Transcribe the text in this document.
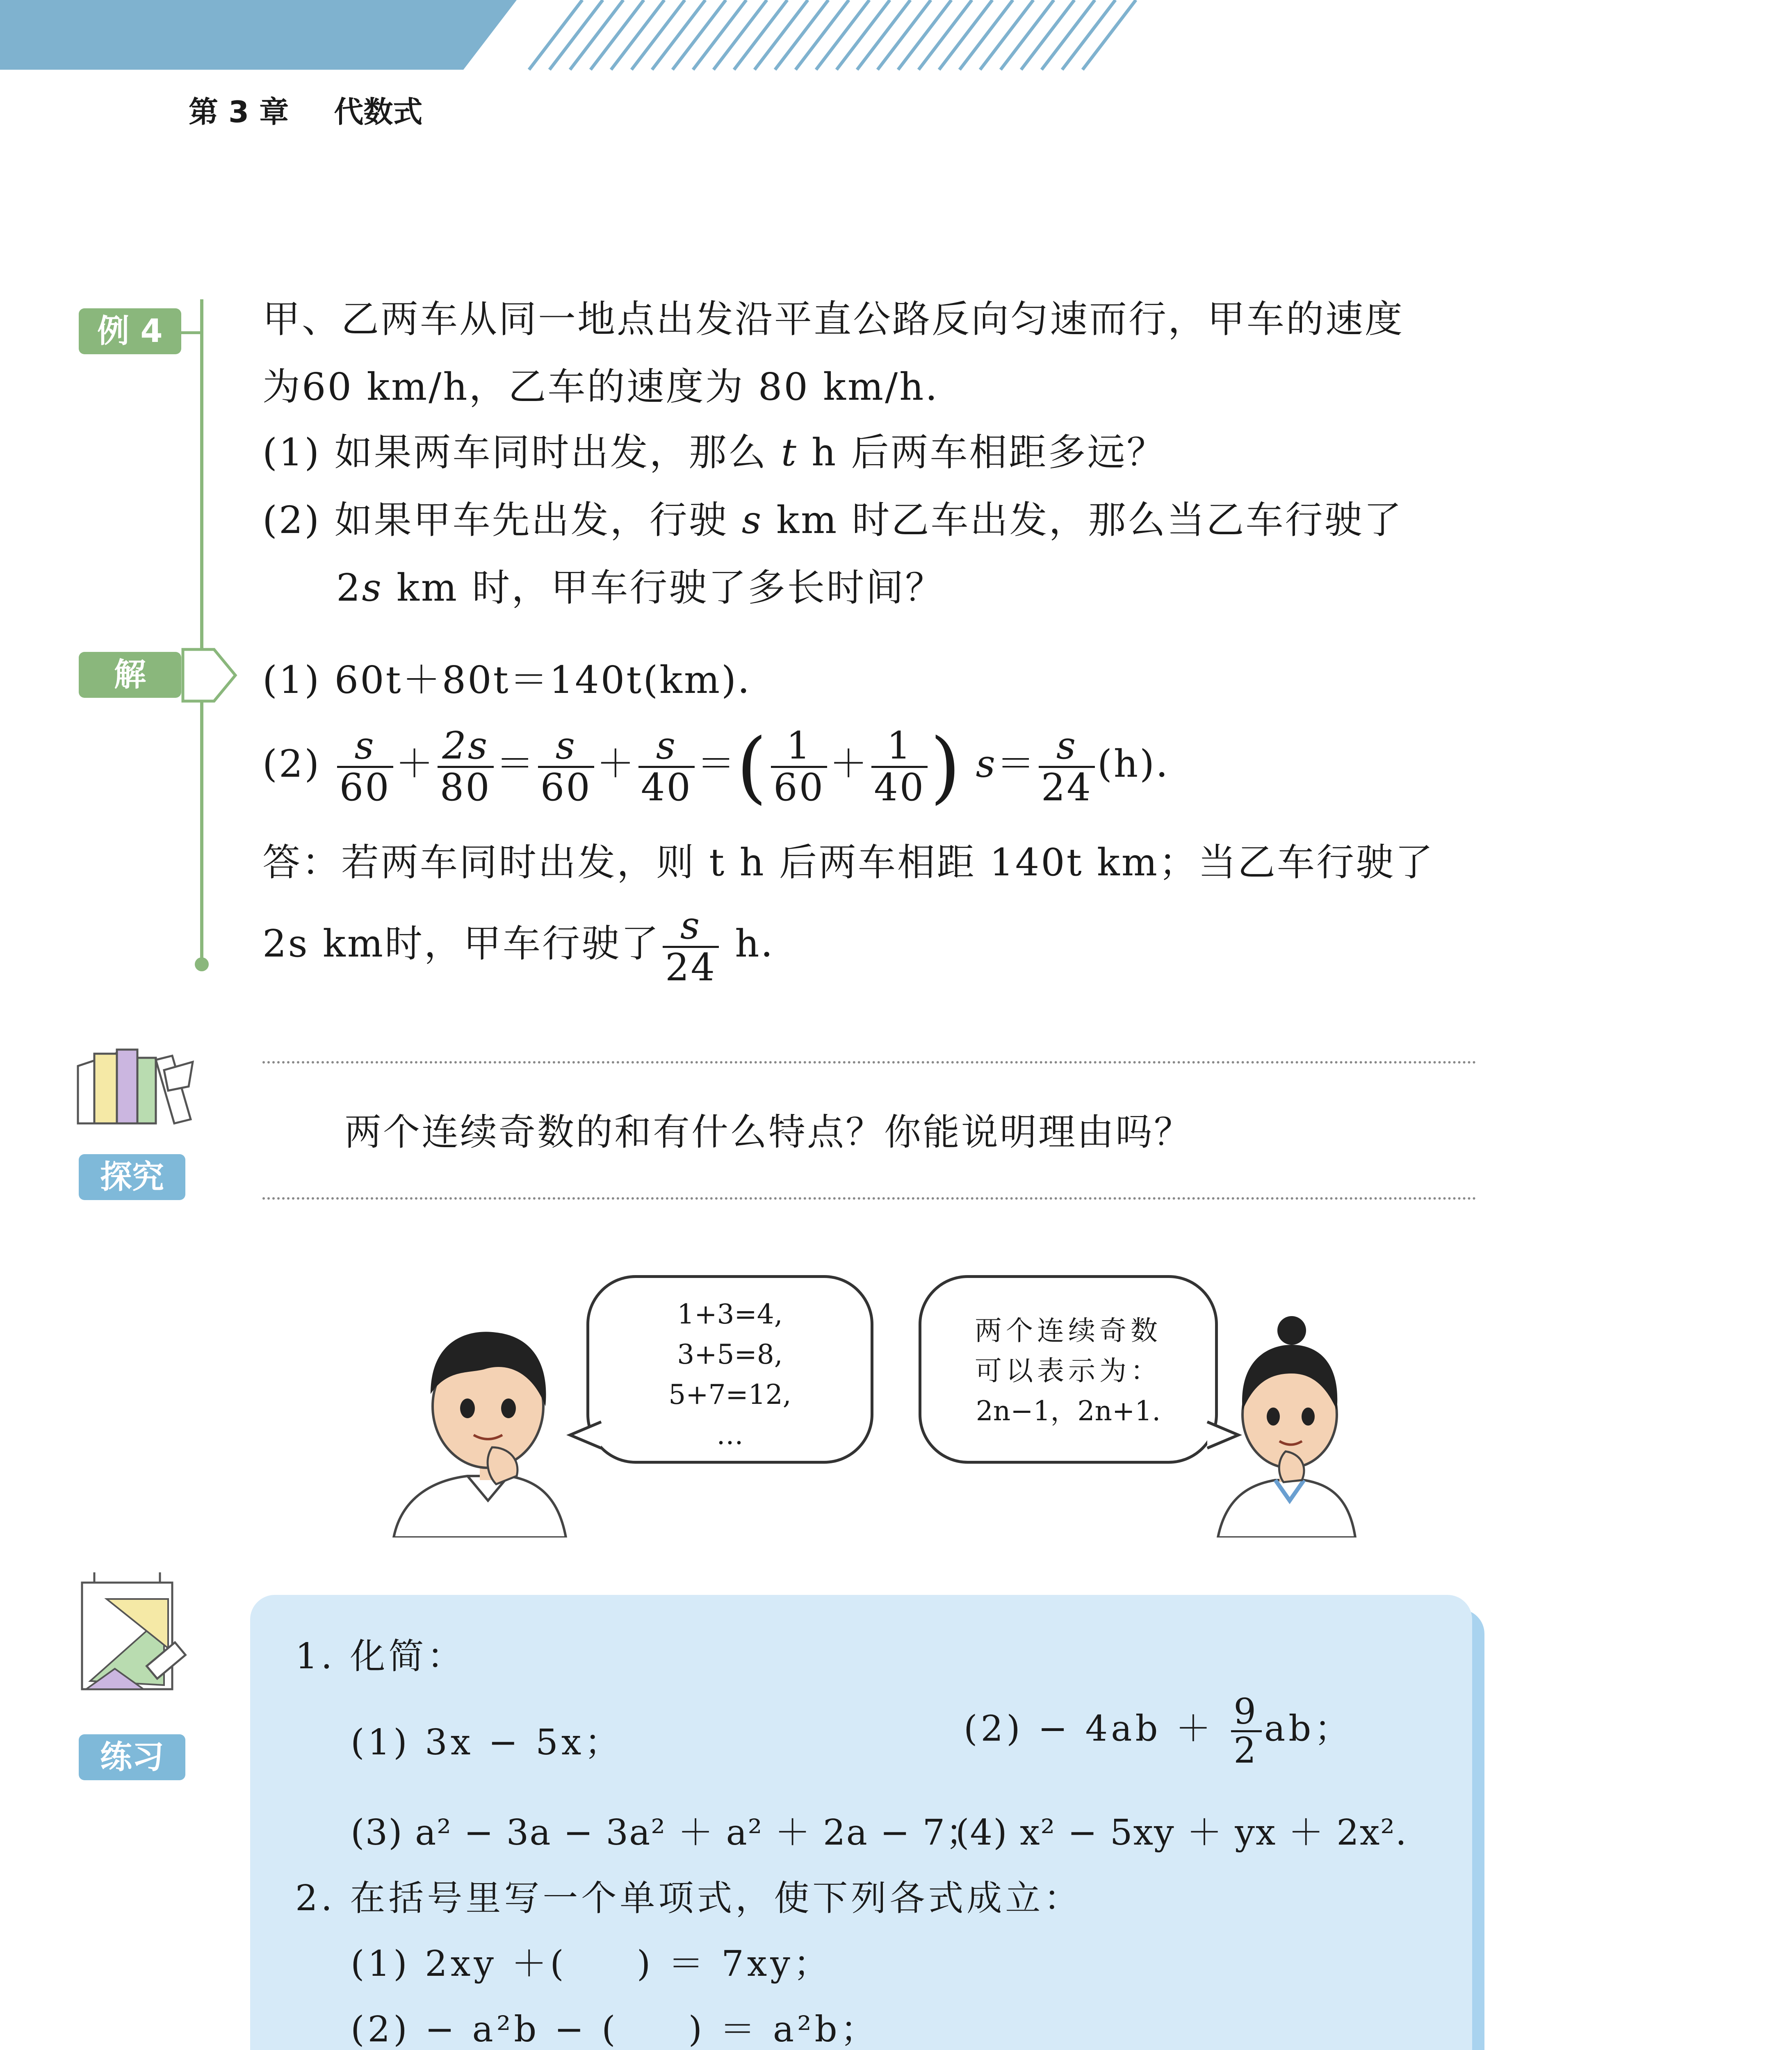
第 3 章 代数式
例 4	甲、乙两车从同一地点出发沿平直公路反向匀速而行，甲车的速度
为60 km/h，乙车的速度为 80 km/h.
(1) 如果两车同时出发，那么 t h 后两车相距多远？
(2) 如果甲车先出发，行驶 s km 时乙车出发，那么当乙车行驶了
2s km 时，甲车行驶了多长时间？
解	(1) 60t＋80t＝140t(km)．
$(2) \frac{s}{60} + \frac{2s}{80} = \frac{s}{60} + \frac{s}{40}$ ＝( $\frac{1}{60} + \frac{1}{40}$ ) $s= \frac{s}{24} (h)$．
答：若两车同时出发，则 t h 后两车相距 140t km；当乙车行驶了
2s km时，甲车行驶了 $\frac{s}{24}$ h．
探究
两个连续奇数的和有什么特点？你能说明理由吗？
1+3=4,
3+5=8,
5+7=12,
…
两个连续奇数
可以表示为：
2n−1，2n+1.
练习
1. 化简：
(1) 3x − 5x；	$(2) - 4ab + \frac{9}{2}$ ab；
(3) a² − 3a − 3a² ＋ a² ＋ 2a − 7；
(4) x² − 5xy ＋ yx ＋ 2x².
2. 在括号里写一个单项式，使下列各式成立：
(1) 2xy ＋( ) ＝ 7xy；
(2) − a²b − ( ) ＝ a²b；
